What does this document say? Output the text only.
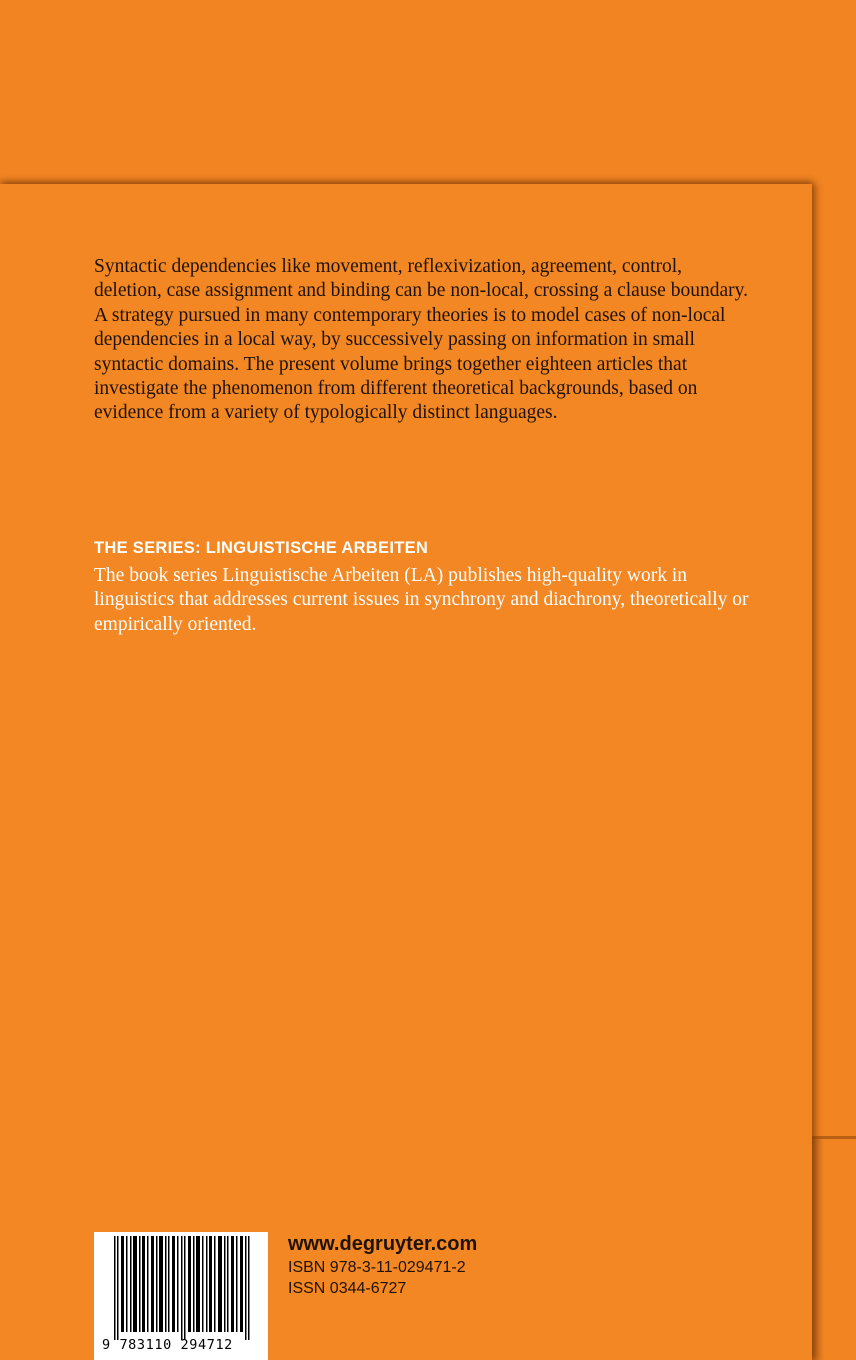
Syntactic dependencies like movement, reflexivization, agreement, control, deletion, case assignment and binding can be non-local, crossing a clause boundary. A strategy pursued in many contemporary theories is to model cases of non-local dependencies in a local way, by successively passing on information in small syntactic domains. The present volume brings together eighteen articles that investigate the phenomenon from different theoretical backgrounds, based on evidence from a variety of typologically distinct languages.

THE SERIES: LINGUISTISCHE ARBEITEN

The book series Linguistische Arbeiten (LA) publishes high-quality work in linguistics that addresses current issues in synchrony and diachrony, theoretically or empirically oriented.

9 783110 294712

www.degruyter.com

ISBN 978-3-11-029471-2

ISSN 0344-6727
